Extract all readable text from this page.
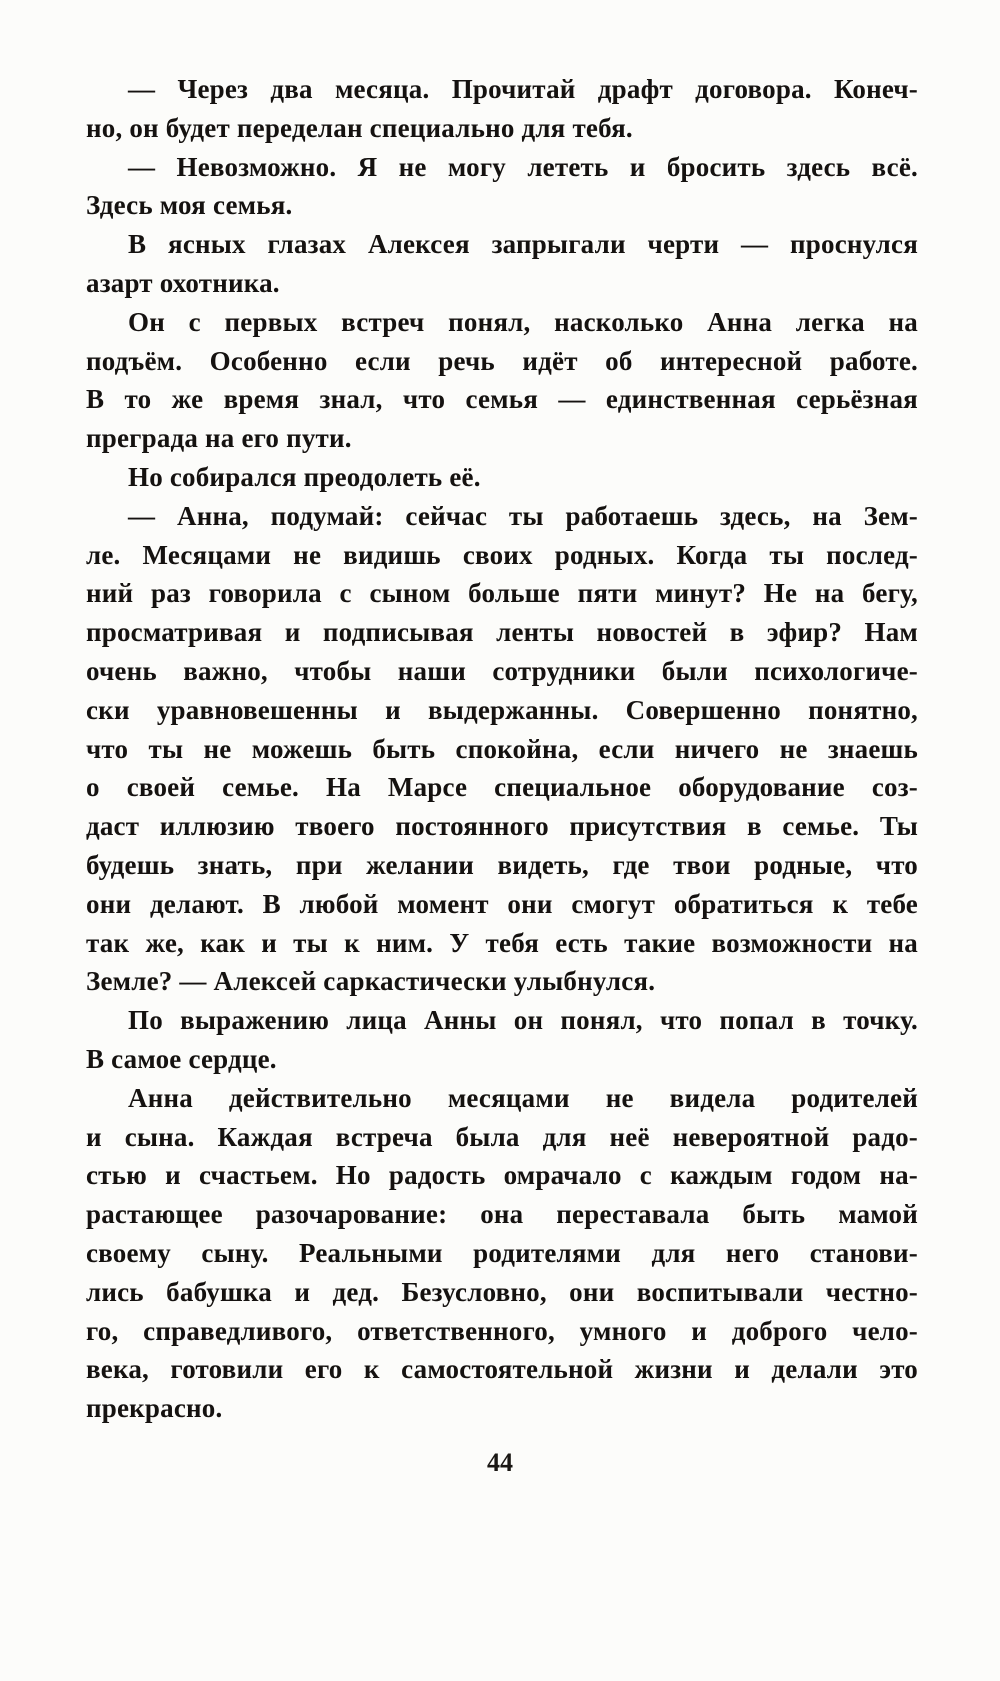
— Через два месяца. Прочитай драфт договора. Конеч-
но, он будет переделан специально для тебя.
— Невозможно. Я не могу лететь и бросить здесь всё.
Здесь моя семья.
В ясных глазах Алексея запрыгали черти — проснулся
азарт охотника.
Он с первых встреч понял, насколько Анна легка на
подъём. Особенно если речь идёт об интересной работе.
В то же время знал, что семья — единственная серьёзная
преграда на его пути.
Но собирался преодолеть её.
— Анна, подумай: сейчас ты работаешь здесь, на Зем-
ле. Месяцами не видишь своих родных. Когда ты послед-
ний раз говорила с сыном больше пяти минут? Не на бегу,
просматривая и подписывая ленты новостей в эфир? Нам
очень важно, чтобы наши сотрудники были психологиче-
ски уравновешенны и выдержанны. Совершенно понятно,
что ты не можешь быть спокойна, если ничего не знаешь
о своей семье. На Марсе специальное оборудование соз-
даст иллюзию твоего постоянного присутствия в семье. Ты
будешь знать, при желании видеть, где твои родные, что
они делают. В любой момент они смогут обратиться к тебе
так же, как и ты к ним. У тебя есть такие возможности на
Земле? — Алексей саркастически улыбнулся.
По выражению лица Анны он понял, что попал в точку.
В самое сердце.
Анна действительно месяцами не видела родителей
и сына. Каждая встреча была для неё невероятной радо-
стью и счастьем. Но радость омрачало с каждым годом на-
растающее разочарование: она переставала быть мамой
своему сыну. Реальными родителями для него станови-
лись бабушка и дед. Безусловно, они воспитывали честно-
го, справедливого, ответственного, умного и доброго чело-
века, готовили его к самостоятельной жизни и делали это
прекрасно.
44
